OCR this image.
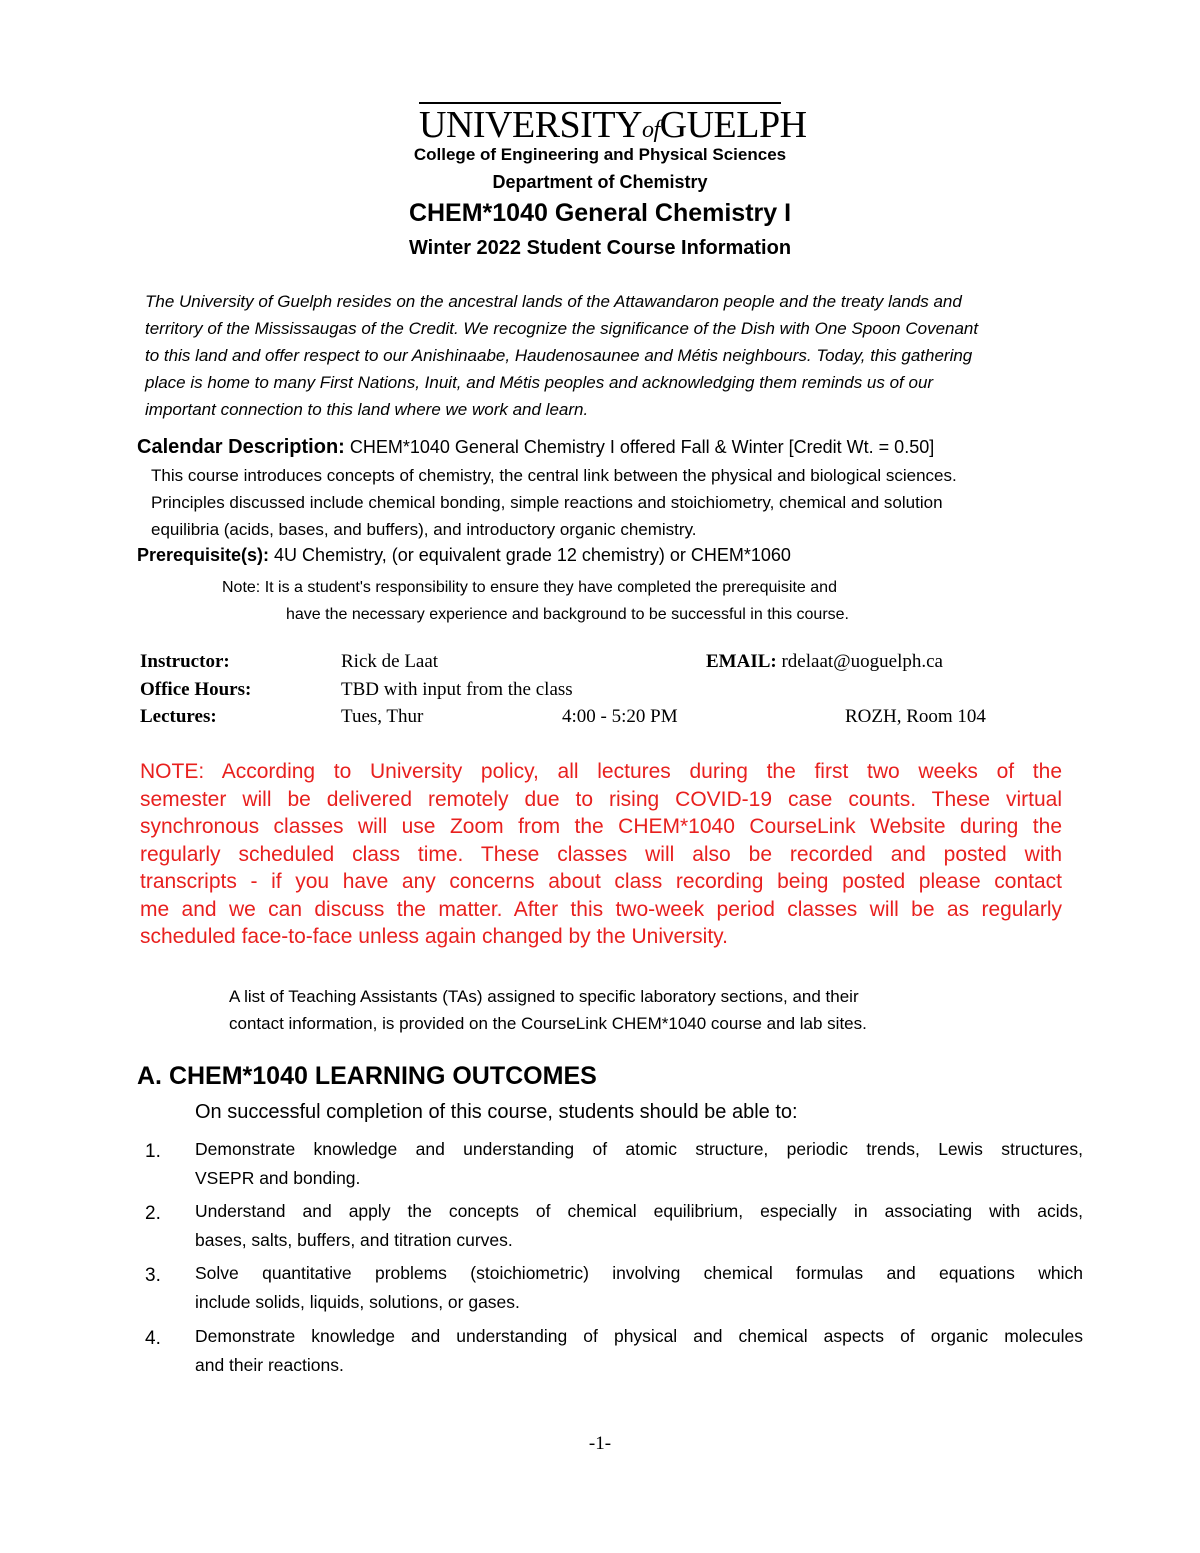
UNIVERSITYofGUELPH
College of Engineering and Physical Sciences
Department of Chemistry
CHEM*1040 General Chemistry I
Winter 2022 Student Course Information
The University of Guelph resides on the ancestral lands of the Attawandaron people and the treaty lands and
territory of the Mississaugas of the Credit. We recognize the significance of the Dish with One Spoon Covenant
to this land and offer respect to our Anishinaabe, Haudenosaunee and Métis neighbours. Today, this gathering
place is home to many First Nations, Inuit, and Métis peoples and acknowledging them reminds us of our
important connection to this land where we work and learn.
Calendar Description: CHEM*1040 General Chemistry I offered Fall & Winter [Credit Wt. = 0.50]
This course introduces concepts of chemistry, the central link between the physical and biological sciences.
Principles discussed include chemical bonding, simple reactions and stoichiometry, chemical and solution
equilibria (acids, bases, and buffers), and introductory organic chemistry.
Prerequisite(s): 4U Chemistry, (or equivalent grade 12 chemistry) or CHEM*1060
Note: It is a student's responsibility to ensure they have completed the prerequisite and
have the necessary experience and background to be successful in this course.
Instructor:	Rick de Laat	EMAIL: rdelaat@uoguelph.ca
Office Hours:	TBD with input from the class
Lectures:	Tues, Thur	4:00 - 5:20 PM	ROZH, Room 104
NOTE: According to University policy, all lectures during the first two weeks of the
semester will be delivered remotely due to rising COVID-19 case counts. These virtual
synchronous classes will use Zoom from the CHEM*1040 CourseLink Website during the
regularly scheduled class time. These classes will also be recorded and posted with
transcripts - if you have any concerns about class recording being posted please contact
me and we can discuss the matter. After this two-week period classes will be as regularly
scheduled face-to-face unless again changed by the University.
A list of Teaching Assistants (TAs) assigned to specific laboratory sections, and their
contact information, is provided on the CourseLink CHEM*1040 course and lab sites.
A. CHEM*1040 LEARNING OUTCOMES
On successful completion of this course, students should be able to:
1. Demonstrate knowledge and understanding of atomic structure, periodic trends, Lewis structures,
VSEPR and bonding.
2. Understand and apply the concepts of chemical equilibrium, especially in associating with acids,
bases, salts, buffers, and titration curves.
3. Solve quantitative problems (stoichiometric) involving chemical formulas and equations which
include solids, liquids, solutions, or gases.
4. Demonstrate knowledge and understanding of physical and chemical aspects of organic molecules
and their reactions.
-1-
